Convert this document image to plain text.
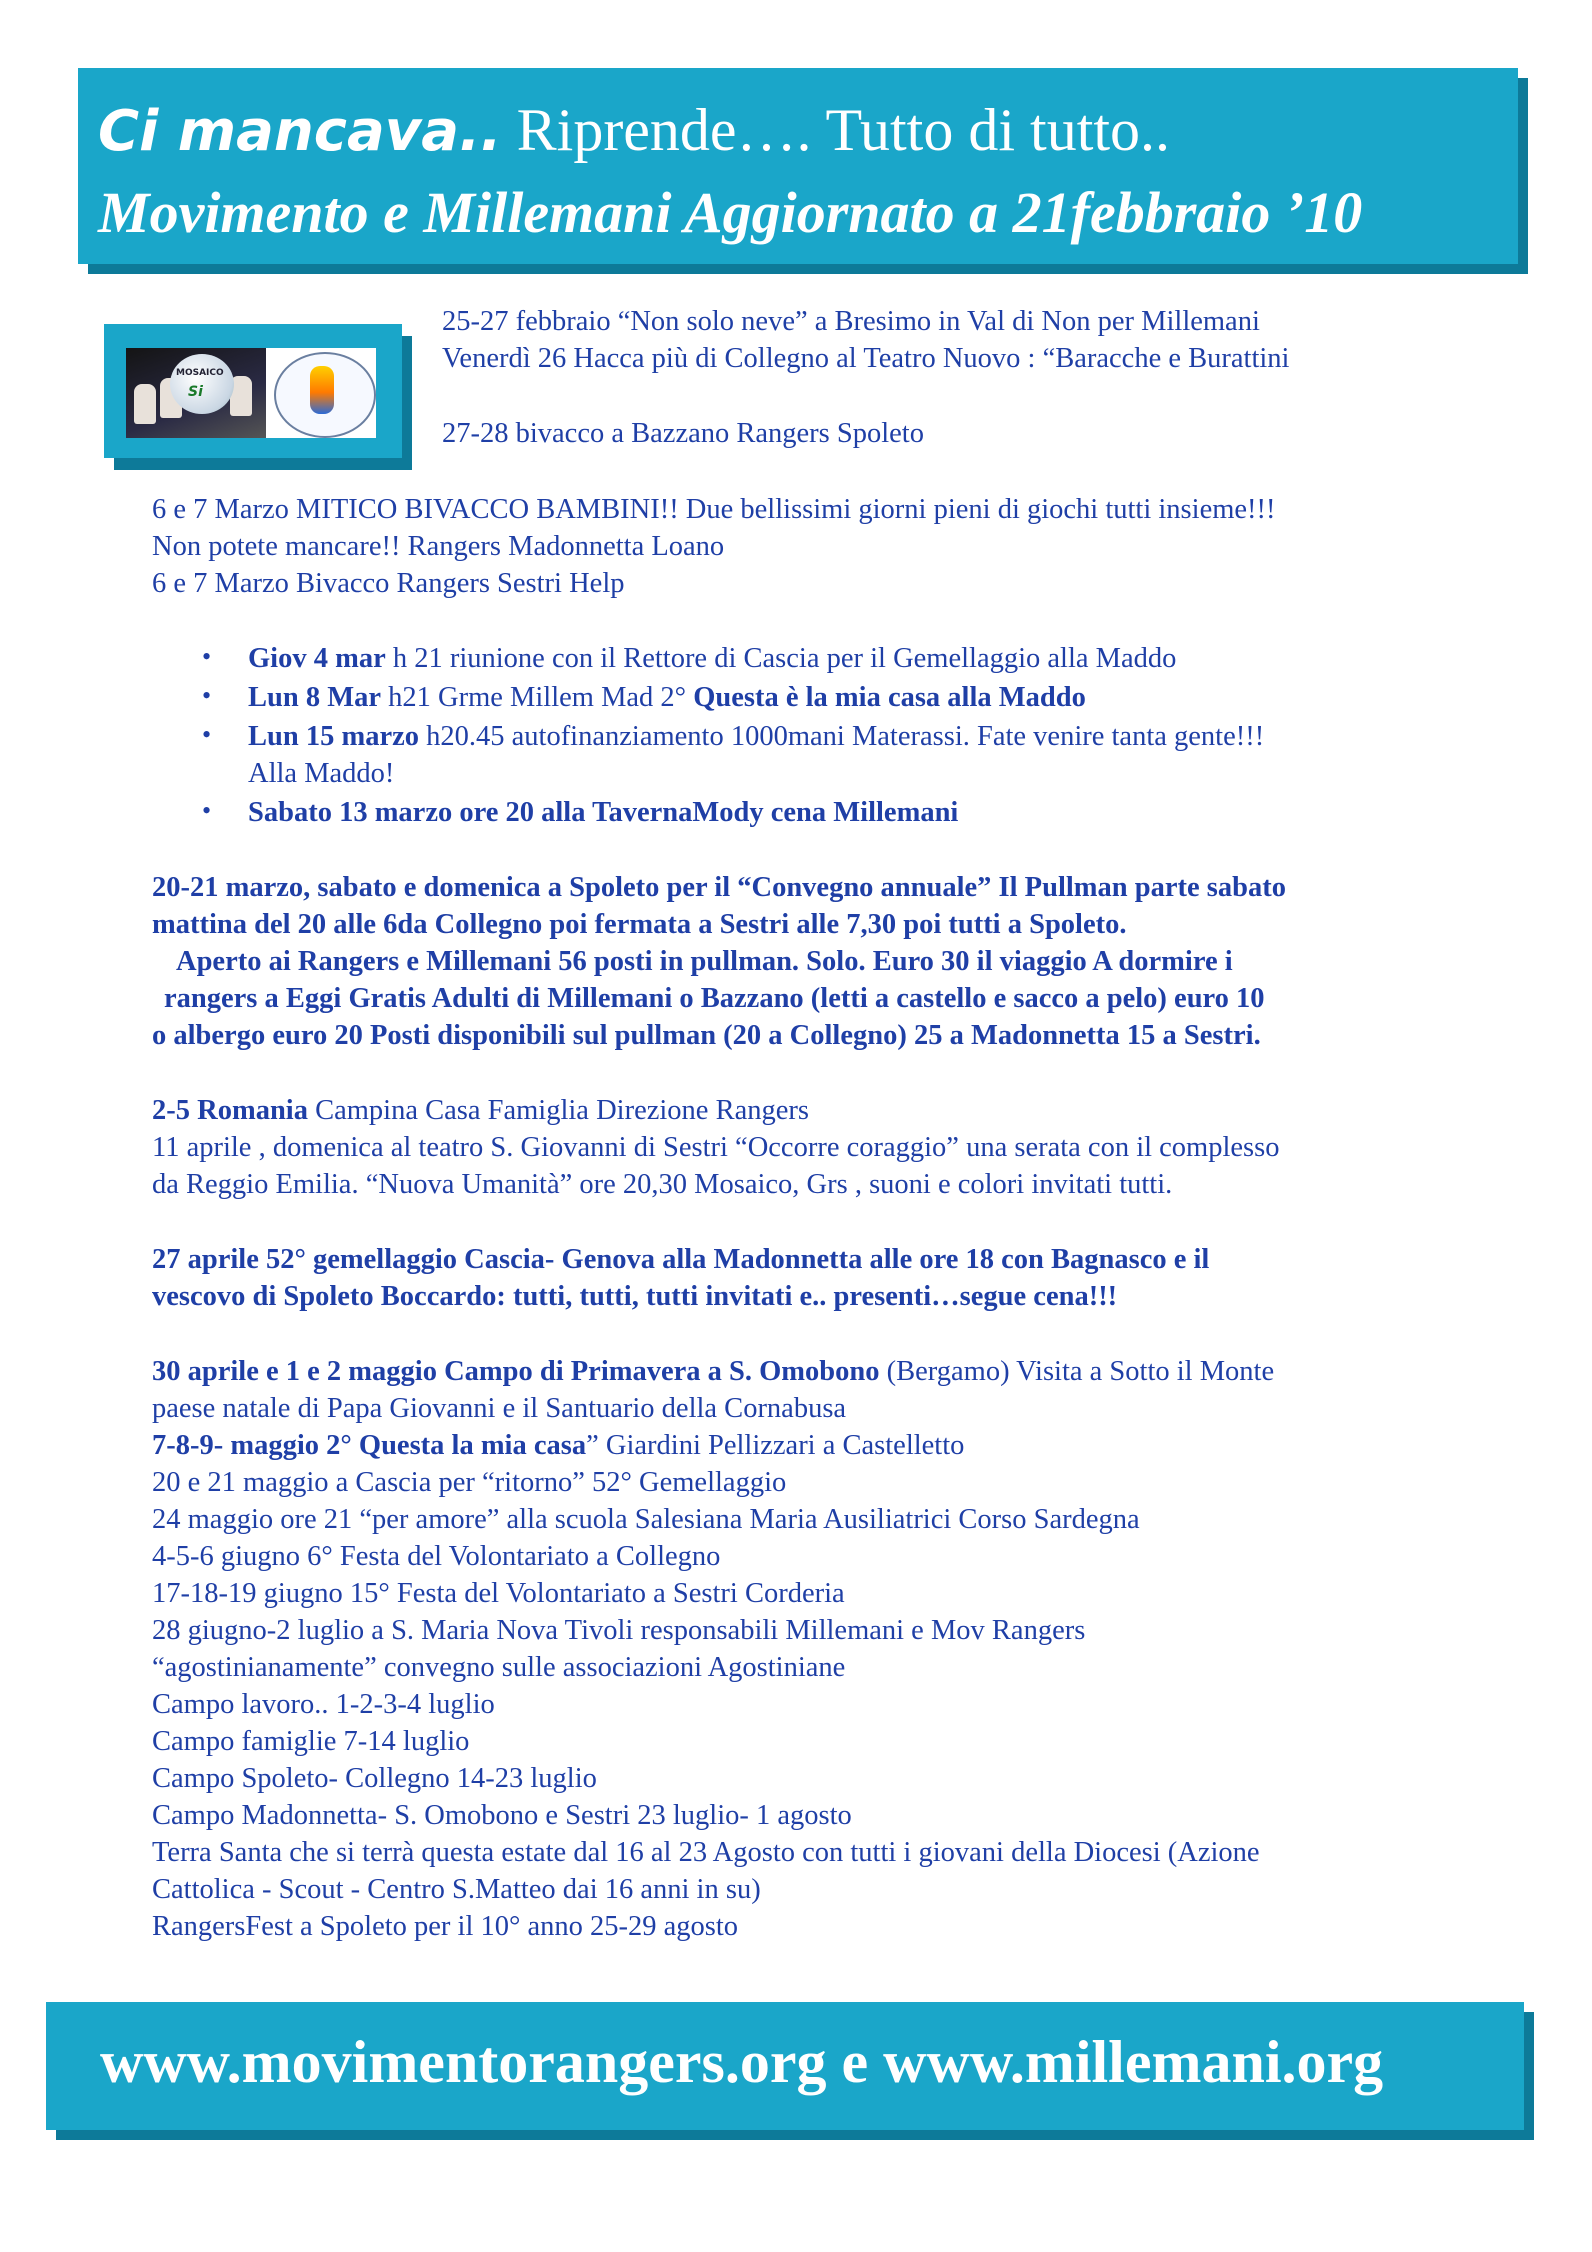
Ci mancava.. Riprende…. Tutto di tutto..
Movimento e Millemani Aggiornato a 21febbraio ’10
MOSAICO
Si
25-27 febbraio “Non solo neve” a Bresimo in Val di Non per Millemani
Venerdì 26 Hacca più di Collegno al Teatro Nuovo : “Baracche e Burattini
27-28 bivacco a Bazzano Rangers Spoleto
6 e 7 Marzo MITICO BIVACCO BAMBINI!! Due bellissimi giorni pieni di giochi tutti insieme!!!
Non potete mancare!! Rangers Madonnetta Loano
6 e 7 Marzo Bivacco Rangers Sestri Help
• Giov 4 mar h 21 riunione con il Rettore di Cascia per il Gemellaggio alla Maddo
• Lun 8 Mar h21 Grme Millem Mad 2° Questa è la mia casa alla Maddo
• Lun 15 marzo h20.45 autofinanziamento 1000mani Materassi. Fate venire tanta gente!!!
Alla Maddo!
• Sabato 13 marzo ore 20 alla TavernaMody cena Millemani
20-21 marzo, sabato e domenica a Spoleto per il “Convegno annuale” Il Pullman parte sabato
mattina del 20 alle 6da Collegno poi fermata a Sestri alle 7,30 poi tutti a Spoleto.
Aperto ai Rangers e Millemani 56 posti in pullman. Solo. Euro 30 il viaggio A dormire i
rangers a Eggi Gratis Adulti di Millemani o Bazzano (letti a castello e sacco a pelo) euro 10
o albergo euro 20 Posti disponibili sul pullman (20 a Collegno) 25 a Madonnetta 15 a Sestri.
2-5 Romania Campina Casa Famiglia Direzione Rangers
11 aprile , domenica al teatro S. Giovanni di Sestri “Occorre coraggio” una serata con il complesso
da Reggio Emilia. “Nuova Umanità” ore 20,30 Mosaico, Grs , suoni e colori invitati tutti.
27 aprile 52° gemellaggio Cascia- Genova alla Madonnetta alle ore 18 con Bagnasco e il
vescovo di Spoleto Boccardo: tutti, tutti, tutti invitati e.. presenti…segue cena!!!
30 aprile e 1 e 2 maggio Campo di Primavera a S. Omobono (Bergamo) Visita a Sotto il Monte
paese natale di Papa Giovanni e il Santuario della Cornabusa
7-8-9- maggio 2° Questa la mia casa” Giardini Pellizzari a Castelletto
20 e 21 maggio a Cascia per “ritorno” 52° Gemellaggio
24 maggio ore 21 “per amore” alla scuola Salesiana Maria Ausiliatrici Corso Sardegna
4-5-6 giugno 6° Festa del Volontariato a Collegno
17-18-19 giugno 15° Festa del Volontariato a Sestri Corderia
28 giugno-2 luglio a S. Maria Nova Tivoli responsabili Millemani e Mov Rangers
“agostinianamente” convegno sulle associazioni Agostiniane
Campo lavoro.. 1-2-3-4 luglio
Campo famiglie 7-14 luglio
Campo Spoleto- Collegno 14-23 luglio
Campo Madonnetta- S. Omobono e Sestri 23 luglio- 1 agosto
Terra Santa che si terrà questa estate dal 16 al 23 Agosto con tutti i giovani della Diocesi (Azione
Cattolica - Scout - Centro S.Matteo dai 16 anni in su)
RangersFest a Spoleto per il 10° anno 25-29 agosto
www.movimentorangers.org e www.millemani.org
